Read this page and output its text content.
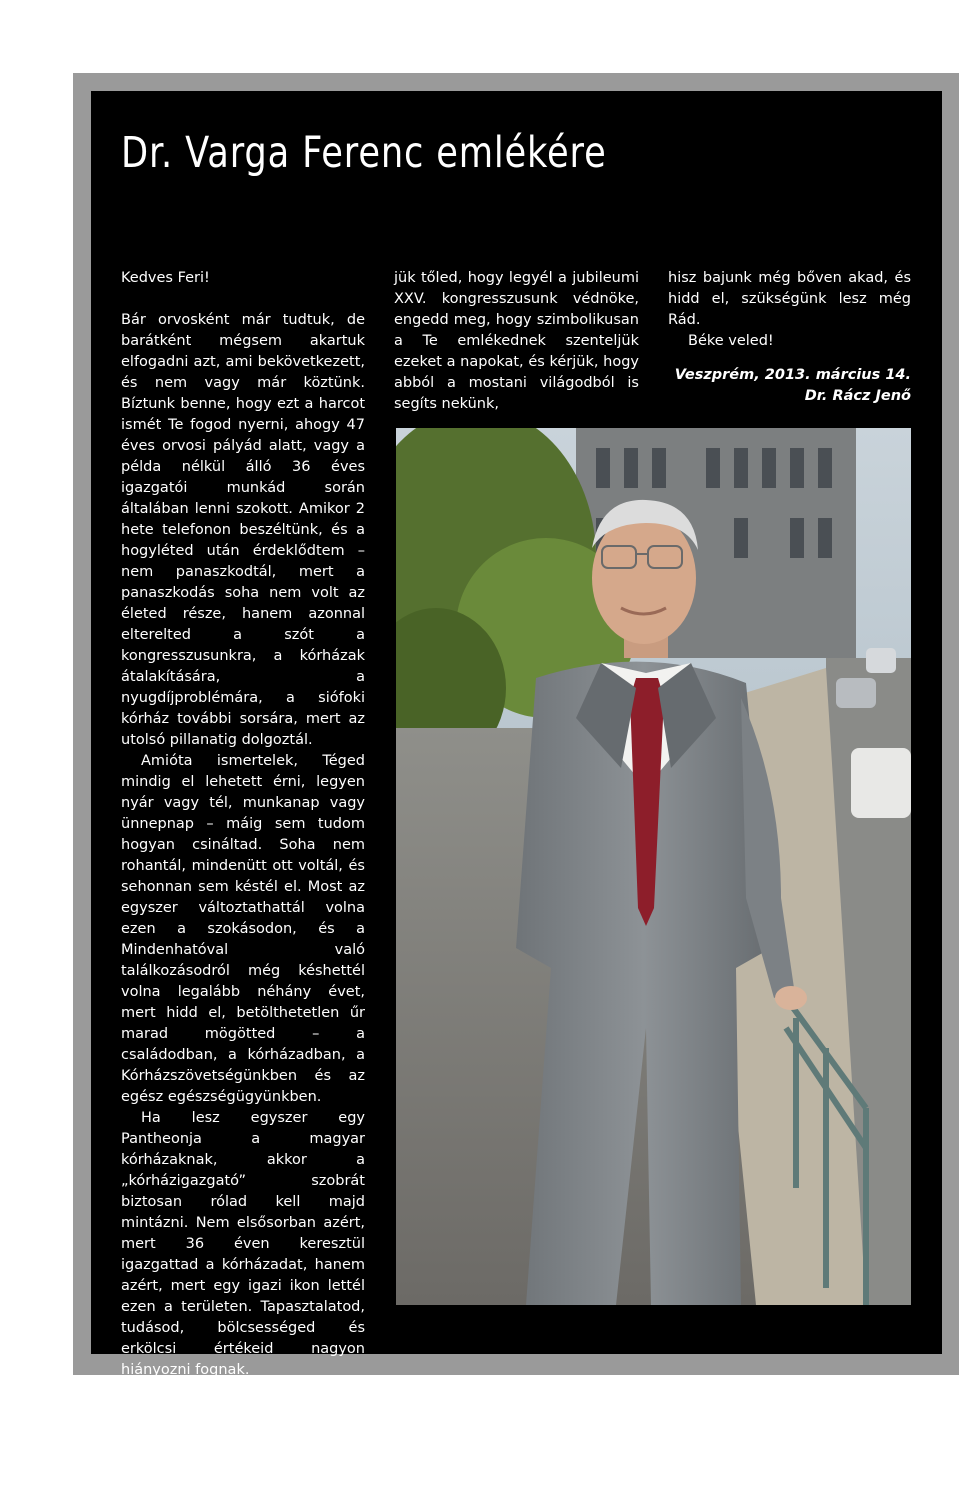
Dr. Varga Ferenc emlékére

Kedves Feri!

Bár orvosként már tudtuk, de barátként mégsem akartuk elfogadni azt, ami bekövetkezett, és nem vagy már köztünk. Bíztunk benne, hogy ezt a harcot ismét Te fogod nyerni, ahogy 47 éves orvosi pályád alatt, vagy a példa nélkül álló 36 éves igazgatói munkád során általában lenni szokott. Amikor 2 hete telefonon beszéltünk, és a hogyléted után érdeklődtem – nem panaszkodtál, mert a panaszkodás soha nem volt az életed része, hanem azonnal elterelted a szót a kongresszusunkra, a kórházak átalakítására, a nyugdíjproblémára, a siófoki kórház további sorsára, mert az utolsó pillanatig dolgoztál.

Amióta ismertelek, Téged mindig el lehetett érni, legyen nyár vagy tél, munkanap vagy ünnepnap – máig sem tudom hogyan csináltad. Soha nem rohantál, mindenütt ott voltál, és sehonnan sem késtél el. Most az egyszer változtathattál volna ezen a szokásodon, és a Mindenhatóval való találkozásodról még késhettél volna legalább néhány évet, mert hidd el, betölthetetlen űr marad mögötted – a családodban, a kórházadban, a Kórházszövetségünkben és az egész egészségügyünkben.

Ha lesz egyszer egy Pantheonja a magyar kórházaknak, akkor a „kórházigazgató” szobrát biztosan rólad kell majd mintázni. Nem elsősorban azért, mert 36 éven keresztül igazgattad a kórházadat, hanem azért, mert egy igazi ikon lettél ezen a területen. Tapasztalatod, tudásod, bölcsességed és erkölcsi értékeid nagyon hiányozni fognak.

Utolsó beszélgetésünkkor azt kérted tőlem, hogy a kongresszusi programból vegyük ki a nevedet, mert nem tudod, hogy mikor és mennyit tudsz majd szerepelni. Most mi kér-

jük tőled, hogy legyél a jubileumi XXV. kongresszusunk védnöke, engedd meg, hogy szimbolikusan a Te emlékednek szenteljük ezeket a napokat, és kérjük, hogy abból a mostani világodból is segíts nekünk,

hisz bajunk még bőven akad, és hidd el, szükségünk lesz még Rád.

Béke veled!

Veszprém, 2013. március 14.

Dr. Rácz Jenő
